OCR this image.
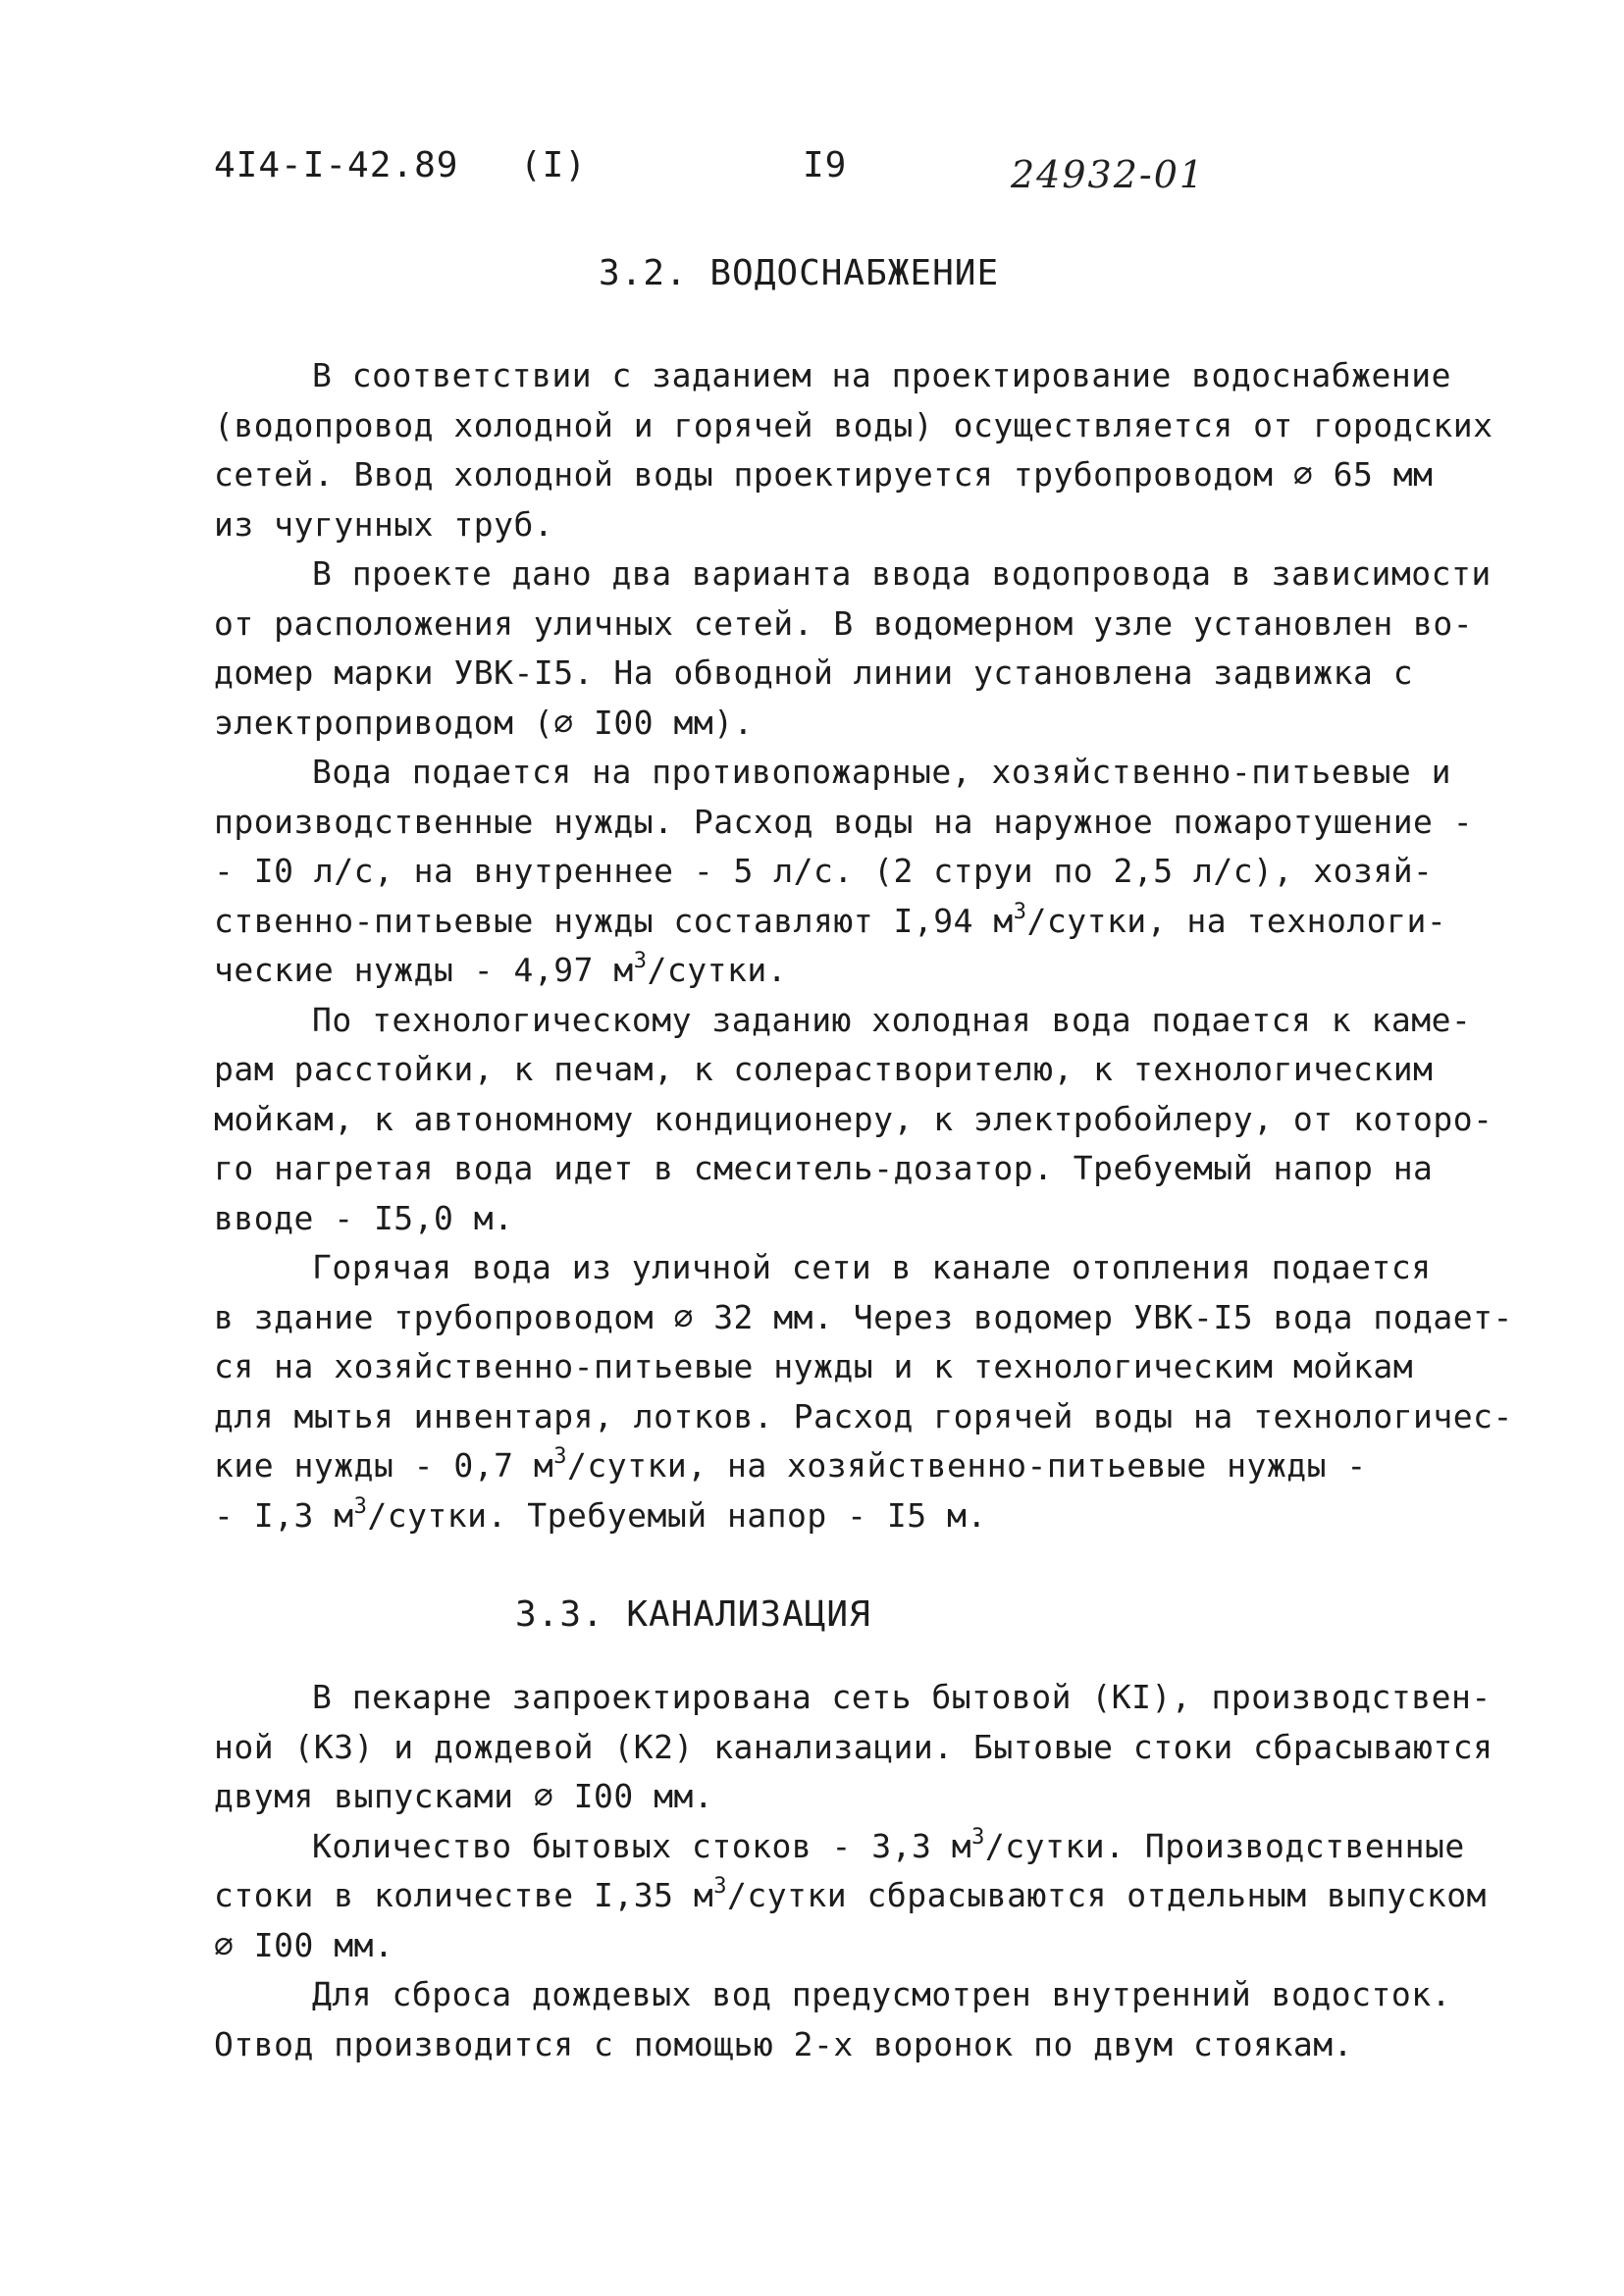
4I4-I-42.89 (I)	I9	24932-01
3.2. ВОДОСНАБЖЕНИЕ
В соответствии с заданием на проектирование водоснабжение
(водопровод холодной и горячей воды) осуществляется от городских
сетей. Ввод холодной воды проектируется трубопроводом ∅ 65 мм
из чугунных труб.
В проекте дано два варианта ввода водопровода в зависимости
от расположения уличных сетей. В водомерном узле установлен во-
домер марки УВК-I5. На обводной линии установлена задвижка с
электроприводом (∅ I00 мм).
Вода подается на противопожарные, хозяйственно-питьевые и
производственные нужды. Расход воды на наружное пожаротушение -
- I0 л/с, на внутреннее - 5 л/с. (2 струи по 2,5 л/с), хозяй-
ственно-питьевые нужды составляют I,94 $м^3$/сутки, на технологи-
ческие нужды - 4,97 $м^3$/сутки.
По технологическому заданию холодная вода подается к каме-
рам расстойки, к печам, к солерастворителю, к технологическим
мойкам, к автономному кондиционеру, к электробойлеру, от которо-
го нагретая вода идет в смеситель-дозатор. Требуемый напор на
вводе - I5,0 м.
Горячая вода из уличной сети в канале отопления подается
в здание трубопроводом ∅ 32 мм. Через водомер УВК-I5 вода подает-
ся на хозяйственно-питьевые нужды и к технологическим мойкам
для мытья инвентаря, лотков. Расход горячей воды на технологичес-
кие нужды - 0,7 $м^3$/сутки, на хозяйственно-питьевые нужды -
- I,3 $м^3$/сутки. Требуемый напор - I5 м.
3.3. КАНАЛИЗАЦИЯ
В пекарне запроектирована сеть бытовой (КI), производствен-
ной (К3) и дождевой (К2) канализации. Бытовые стоки сбрасываются
двумя выпусками ∅ I00 мм.
Количество бытовых стоков - 3,3 $м^3$/сутки. Производственные
стоки в количестве I,35 $м^3$/сутки сбрасываются отдельным выпуском
∅ I00 мм.
Для сброса дождевых вод предусмотрен внутренний водосток.
Отвод производится с помощью 2-х воронок по двум стоякам.
